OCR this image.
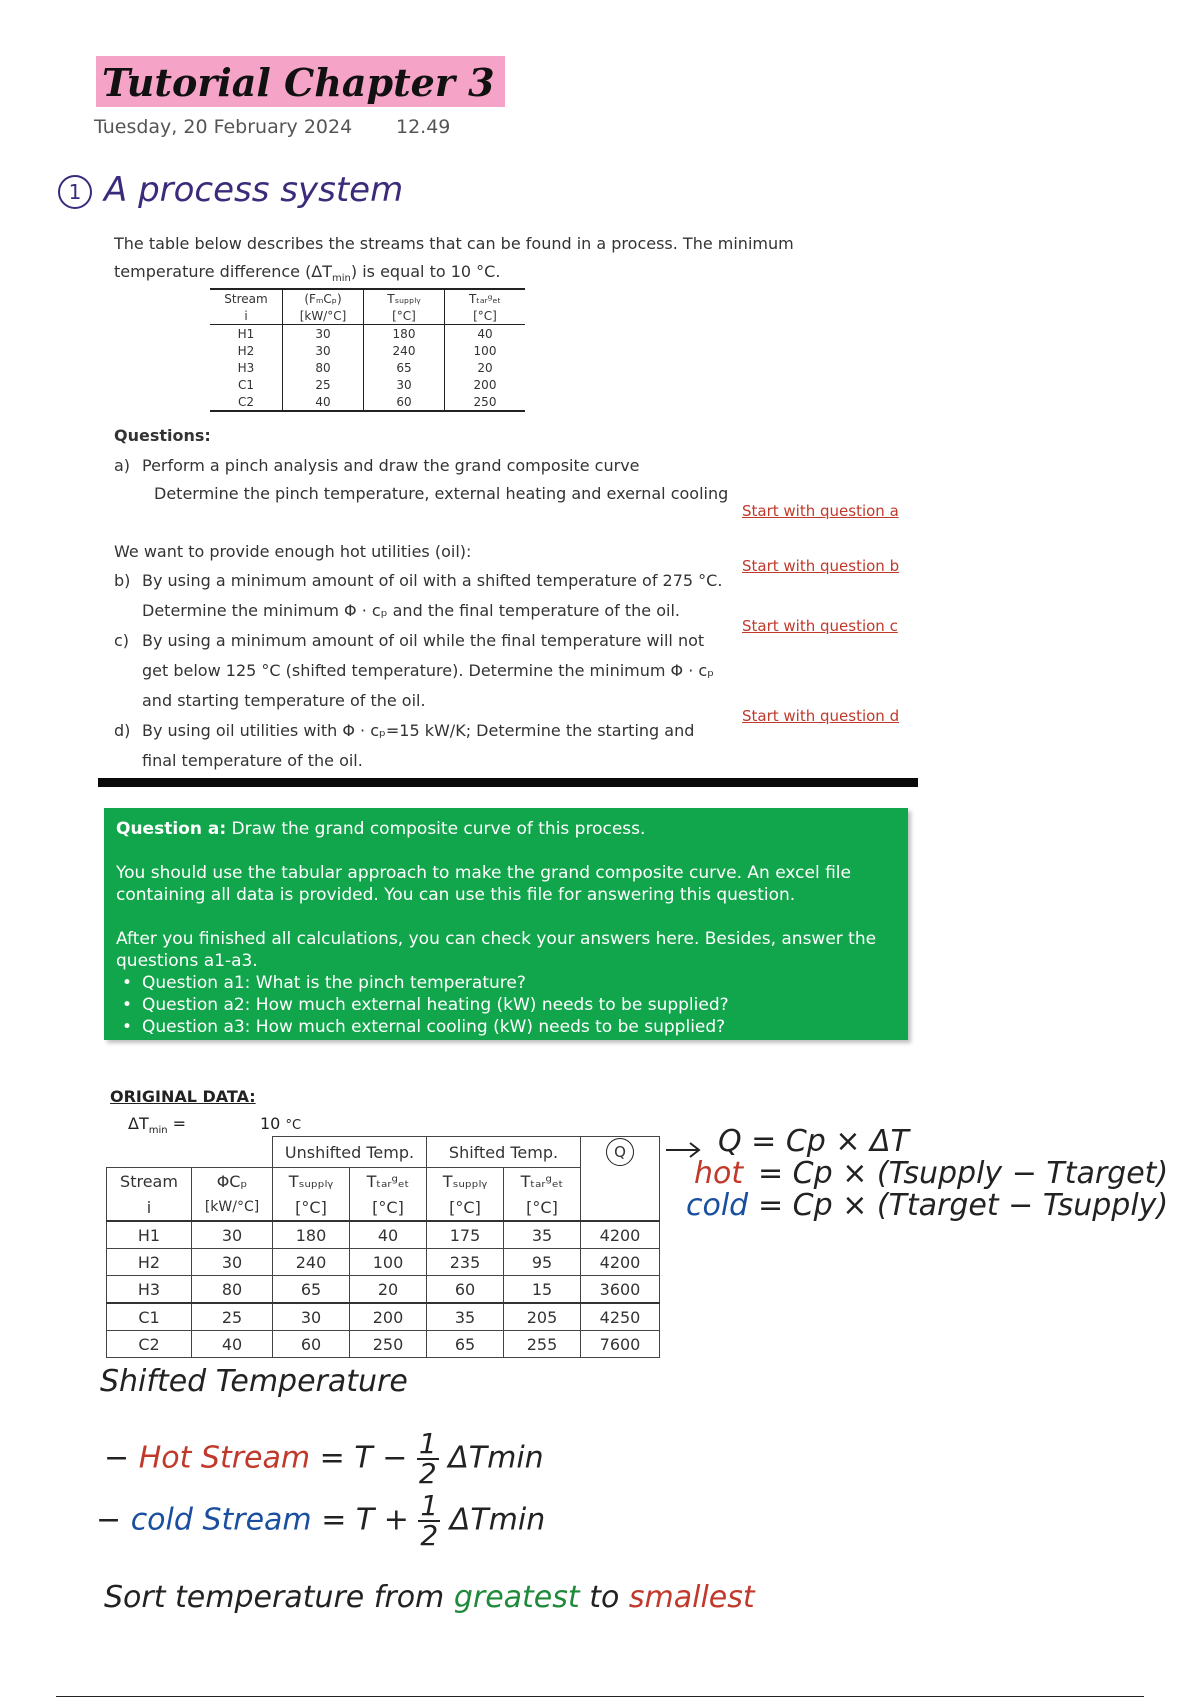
Tutorial Chapter 3
Tuesday, 20 February 2024 12.49
1 A process system
The table below describes the streams that can be found in a process. The minimum
temperature difference $(\Delta T_{min})$ is equal to 10 °C.
Stream	(FₘCₚ)	Tₛᵤₚₚₗᵧ	Tₜₐᵣᵍₑₜ
i	[kW/°C]	[°C]	[°C]
H1	30	180	40
H2	30	240	100
H3	80	65	20
C1	25	30	200
C2	40	60	250
Questions:
a) Perform a pinch analysis and draw the grand composite curve
Determine the pinch temperature, external heating and exernal cooling
Start with question a
We want to provide enough hot utilities (oil):
b) By using a minimum amount of oil with a shifted temperature of 275 °C.
Start with question b
Determine the minimum Φ · cₚ and the final temperature of the oil.
c) By using a minimum amount of oil while the final temperature will not
Start with question c
get below 125 °C (shifted temperature). Determine the minimum Φ · cₚ
and starting temperature of the oil.
d) By using oil utilities with Φ · cₚ=15 kW/K; Determine the starting and
Start with question d
final temperature of the oil.

Question a: Draw the grand composite curve of this process.

You should use the tabular approach to make the grand composite curve. An excel file containing all data is provided. You can use this file for answering this question.

After you finished all calculations, you can check your answers here. Besides, answer the questions a1-a3.

• Question a1: What is the pinch temperature?
• Question a2: How much external heating (kW) needs to be supplied?
• Question a3: How much external cooling (kW) needs to be supplied?
ORIGINAL DATA:
$\Delta T_{min}$ =	10 °C
		Unshifted Temp.		Shifted Temp.		Q
Stream	ΦCₚ	Tₛᵤₚₚₗᵧ	Tₜₐᵣᵍₑₜ	Tₛᵤₚₚₗᵧ	Tₜₐᵣᵍₑₜ	
i	[kW/°C]	[°C]	[°C]	[°C]	[°C]	
H1	30	180	40	175	35	4200
H2	30	240	100	235	95	4200
H3	80	65	20	60	15	3600
C1	25	30	200	35	205	4250
C2	40	60	250	65	255	7600
Q = Cp × ΔT
hot = Cp × (Tsupply − Ttarget)
cold = Cp × (Ttarget − Tsupply)
Shifted Temperature
− Hot Stream = $T - \frac{1}{2}$ ΔTmin
− cold Stream = $T + \frac{1}{2}$ ΔTmin
Sort temperature from greatest to smallest
